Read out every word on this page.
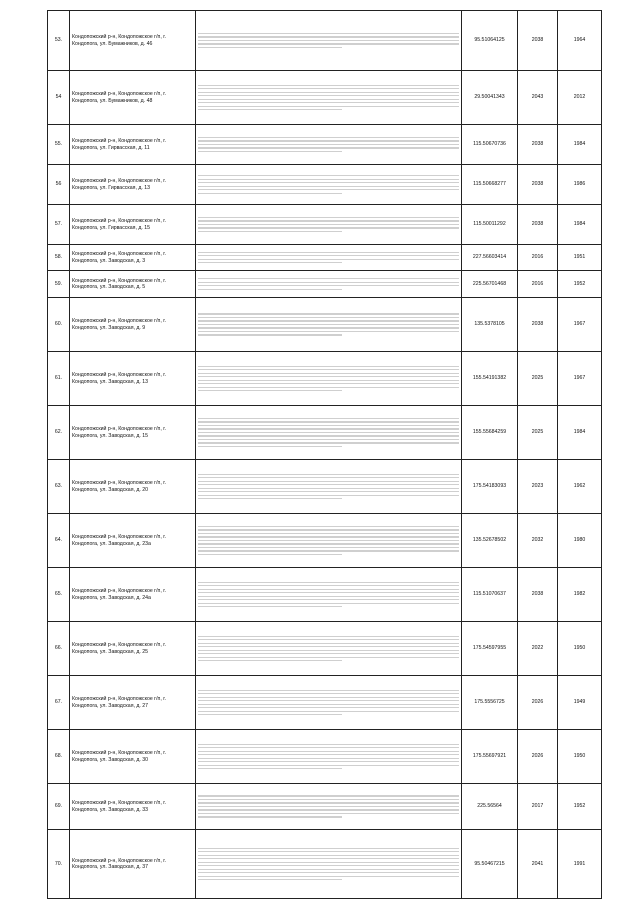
53.	Кондопожский р-н, Кондопожское г/п, г. Кондопога, ул. Бумажников, д. 46		95.51064125	2038	1964
54	Кондопожский р-н, Кондопожское г/п, г. Кондопога, ул. Бумажников, д. 48		29.50041343	2043	2012
55.	Кондопожский р-н, Кондопожское г/п, г. Кондопога, ул. Гирвасская, д. 11		115.50670736	2038	1984
56	Кондопожский р-н, Кондопожское г/п, г. Кондопога, ул. Гирвасская, д. 13		115.50668277	2038	1986
57.	Кондопожский р-н, Кондопожское г/п, г. Кондопога, ул. Гирвасская, д. 15		115.50011292	2038	1984
58.	Кондопожский р-н, Кондопожское г/п, г. Кондопога, ул. Заводская, д. 3		227.56603414	2016	1951
59.	Кондопожский р-н, Кондопожское г/п, г. Кондопога, ул. Заводская, д. 5		225.56701468	2016	1952
60.	Кондопожский р-н, Кондопожское г/п, г. Кондопога, ул. Заводская, д. 9		135.5378105	2038	1967
61.	Кондопожский р-н, Кондопожское г/п, г. Кондопога, ул. Заводская, д. 13		155.54191382	2025	1967
62.	Кондопожский р-н, Кондопожское г/п, г. Кондопога, ул. Заводская, д. 15		155.55684259	2025	1984
63.	Кондопожский р-н, Кондопожское г/п, г. Кондопога, ул. Заводская, д. 20		175.54183093	2023	1962
64.	Кондопожский р-н, Кондопожское г/п, г. Кондопога, ул. Заводская, д. 23а		135.52678502	2032	1980
65.	Кондопожский р-н, Кондопожское г/п, г. Кондопога, ул. Заводская, д. 24а		115.51070637	2038	1982
66.	Кондопожский р-н, Кондопожское г/п, г. Кондопога, ул. Заводская, д. 25		175.54597955	2022	1950
67.	Кондопожский р-н, Кондопожское г/п, г. Кондопога, ул. Заводская, д. 27		175.5556725	2026	1949
68.	Кондопожский р-н, Кондопожское г/п, г. Кондопога, ул. Заводская, д. 30		175.55697921	2026	1950
69.	Кондопожский р-н, Кондопожское г/п, г. Кондопога, ул. Заводская, д. 33		225.56564	2017	1952
70.	Кондопожский р-н, Кондопожское г/п, г. Кондопога, ул. Заводская, д. 37		95.50467215	2041	1991
